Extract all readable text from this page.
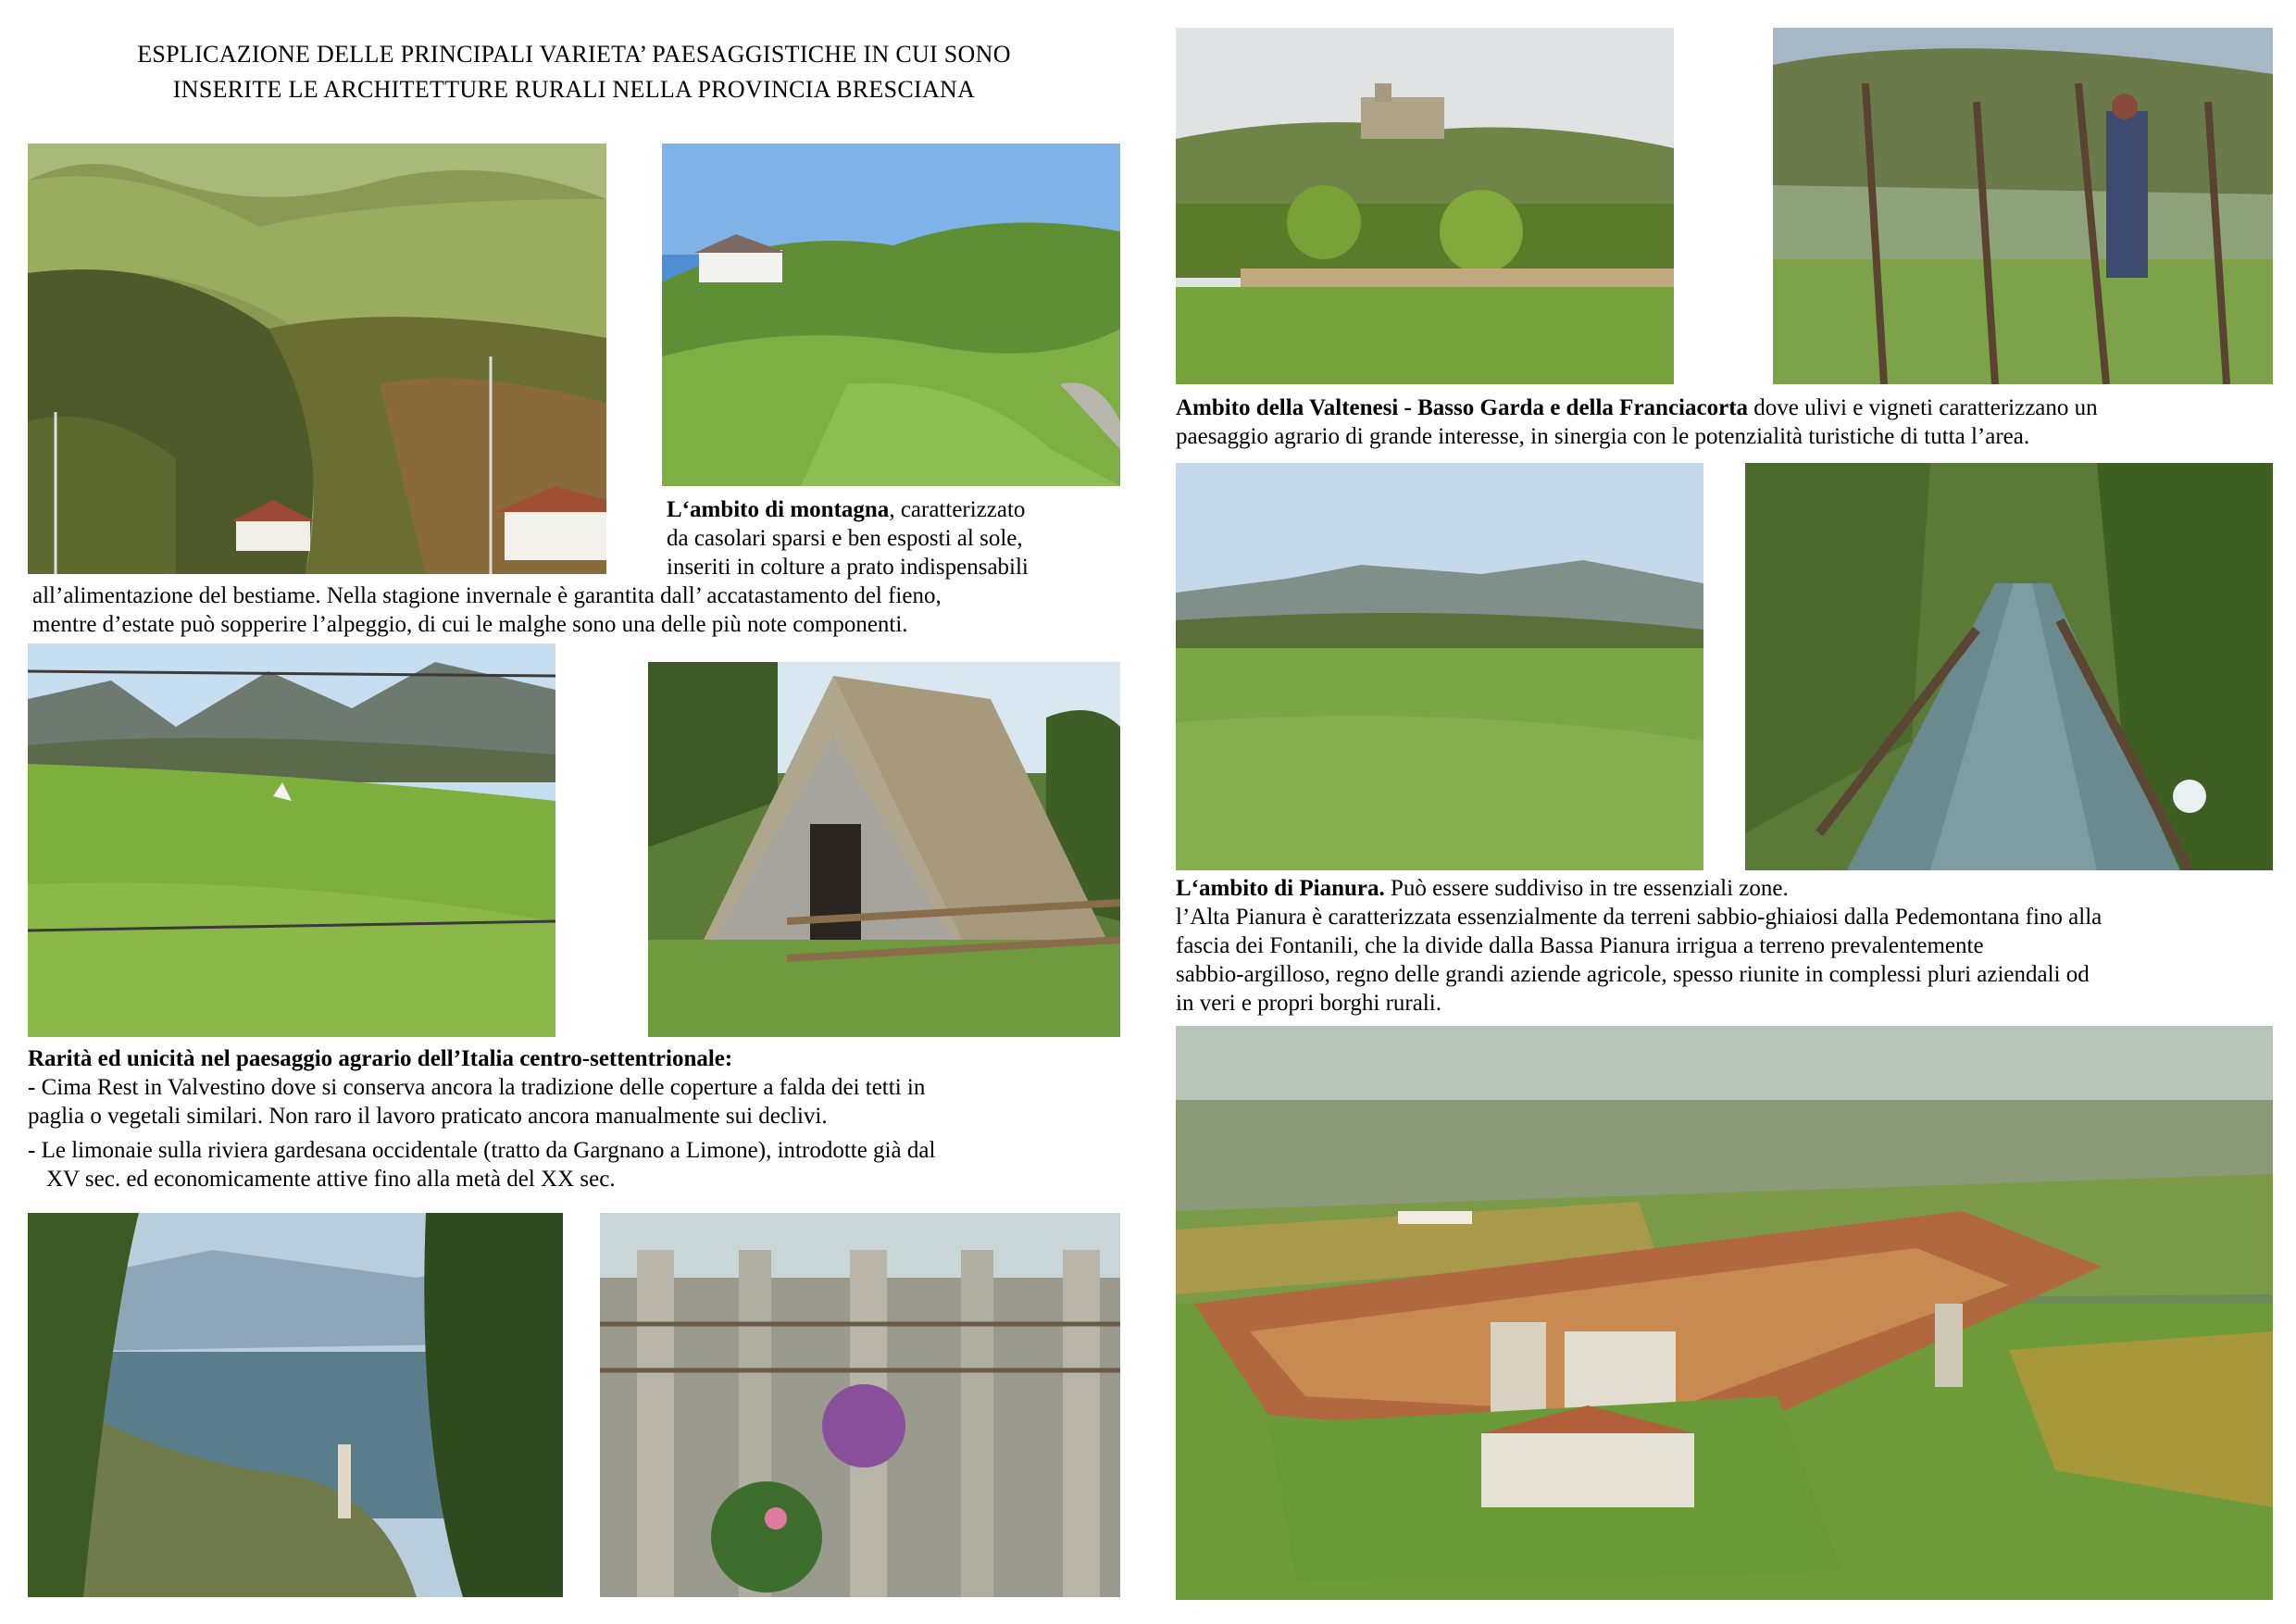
ESPLICAZIONE DELLE PRINCIPALI VARIETA’ PAESAGGISTICHE IN CUI SONO
INSERITE LE ARCHITETTURE RURALI NELLA PROVINCIA BRESCIANA
L‘ambito di montagna, caratterizzato
da casolari sparsi e ben esposti al sole,
inseriti in colture a prato indispensabili
all’alimentazione del bestiame. Nella stagione invernale è garantita dall’ accatastamento del fieno,
mentre d’estate può sopperire l’alpeggio, di cui le malghe sono una delle più note componenti.
Rarità ed unicità nel paesaggio agrario dell’Italia centro-settentrionale:
- Cima Rest in Valvestino dove si conserva ancora la tradizione delle coperture a falda dei tetti in
paglia o vegetali similari. Non raro il lavoro praticato ancora manualmente sui declivi.
- Le limonaie sulla riviera gardesana occidentale (tratto da Gargnano a Limone), introdotte già dal
XV sec. ed economicamente attive fino alla metà del XX sec.
Ambito della Valtenesi - Basso Garda e della Franciacorta dove ulivi e vigneti caratterizzano un
paesaggio agrario di grande interesse, in sinergia con le potenzialità turistiche di tutta l’area.
L‘ambito di Pianura. Può essere suddiviso in tre essenziali zone.
l’Alta Pianura è caratterizzata essenzialmente da terreni sabbio-ghiaiosi dalla Pedemontana fino alla
fascia dei Fontanili, che la divide dalla Bassa Pianura irrigua a terreno prevalentemente
sabbio-argilloso, regno delle grandi aziende agricole, spesso riunite in complessi pluri aziendali od
in veri e propri borghi rurali.
